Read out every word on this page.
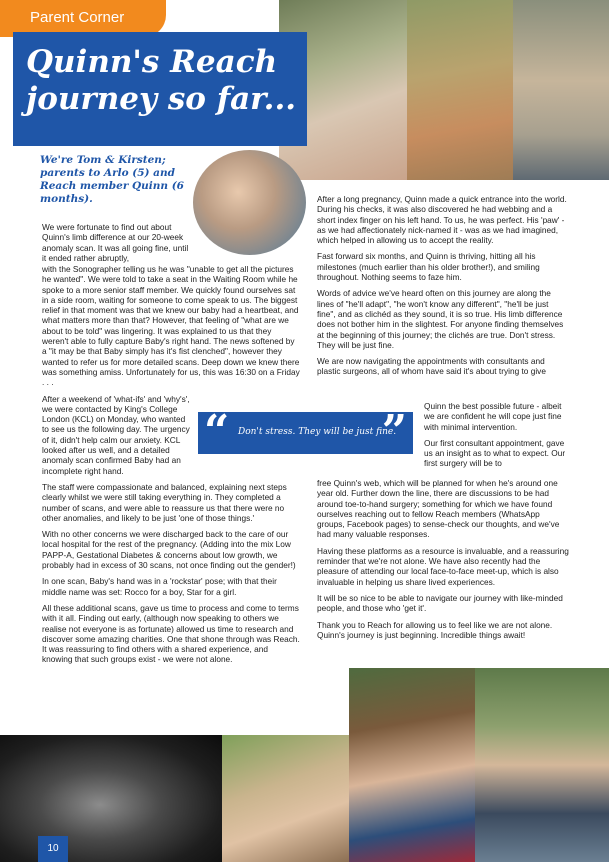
Parent Corner
Quinn's Reach journey so far...

We're Tom & Kirsten; parents to Arlo (5) and Reach member Quinn (6 months).

We were fortunate to find out about Quinn's limb difference at our 20-week anomaly scan. It was all going fine, until it ended rather abruptly,

with the Sonographer telling us he was "unable to get all the pictures he wanted". We were told to take a seat in the Waiting Room while he spoke to a more senior staff member. We quickly found ourselves sat in a side room, waiting for someone to come speak to us. The biggest relief in that moment was that we knew our baby had a heartbeat, and what matters more than that? However, that feeling of "what are we about to be told" was lingering. It was explained to us that they weren't able to fully capture Baby's right hand. The news softened by a "it may be that Baby simply has it's fist clenched", however they wanted to refer us for more detailed scans. Deep down we knew there was something amiss. Unfortunately for us, this was 16:30 on a Friday . . .

After a weekend of 'what-ifs' and 'why's', we were contacted by King's College London (KCL) on Monday, who wanted to see us the following day. The urgency of it, didn't help calm our anxiety. KCL looked after us well, and a detailed anomaly scan confirmed Baby had an incomplete right hand.

The staff were compassionate and balanced, explaining next steps clearly whilst we were still taking everything in. They completed a number of scans, and were able to reassure us that there were no other anomalies, and likely to be just 'one of those things.'

With no other concerns we were discharged back to the care of our local hospital for the rest of the pregnancy. (Adding into the mix Low PAPP-A, Gestational Diabetes & concerns about low growth, we probably had in excess of 30 scans, not once finding out the gender!)

In one scan, Baby's hand was in a 'rockstar' pose; with that their middle name was set: Rocco for a boy, Star for a girl.

All these additional scans, gave us time to process and come to terms with it all. Finding out early, (although now speaking to others we realise not everyone is as fortunate) allowed us time to research and discover some amazing charities. One that shone through was Reach. It was reassuring to find others with a shared experience, and knowing that such groups exist - we were not alone.

After a long pregnancy, Quinn made a quick entrance into the world. During his checks, it was also discovered he had webbing and a short index finger on his left hand. To us, he was perfect. His 'paw' - as we had affectionately nick-named it - was as we had imagined, which helped in allowing us to accept the reality.

Fast forward six months, and Quinn is thriving, hitting all his milestones (much earlier than his older brother!), and smiling throughout. Nothing seems to faze him.

Words of advice we've heard often on this journey are along the lines of "he'll adapt", "he won't know any different", "he'll be just fine", and as clichéd as they sound, it is so true. His limb difference does not bother him in the slightest. For anyone finding themselves at the beginning of this journey; the clichés are true. Don't stress. They will be just fine.

We are now navigating the appointments with consultants and plastic surgeons, all of whom have said it's about trying to give

Quinn the best possible future - albeit we are confident he will cope just fine with minimal intervention.

Our first consultant appointment, gave us an insight as to what to expect. Our first surgery will be to

free Quinn's web, which will be planned for when he's around one year old. Further down the line, there are discussions to be had around toe-to-hand surgery; something for which we have found ourselves reaching out to fellow Reach members (WhatsApp groups, Facebook pages) to sense-check our thoughts, and we've had many valuable responses.

Having these platforms as a resource is invaluable, and a reassuring reminder that we're not alone. We have also recently had the pleasure of attending our local face-to-face meet-up, which is also invaluable in helping us share lived experiences.

It will be so nice to be able to navigate our journey with like-minded people, and those who 'get it'.

Thank you to Reach for allowing us to feel like we are not alone. Quinn's journey is just beginning. Incredible things await!

“ Don't stress. They will be just fine.
”
10
